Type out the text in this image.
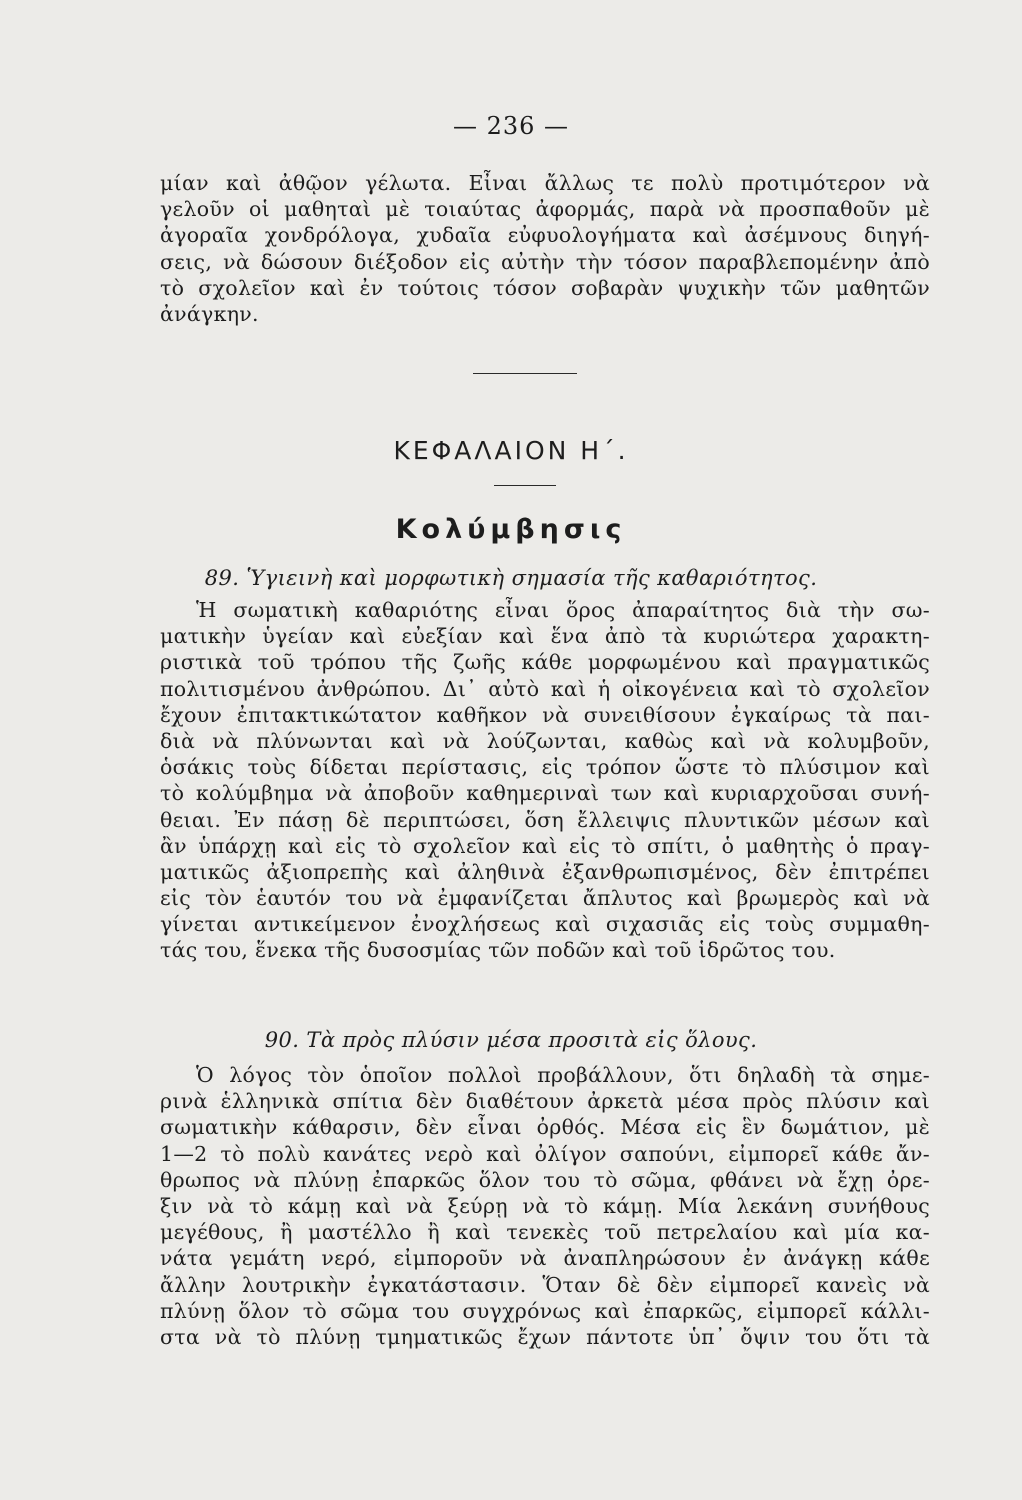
— 236 —
μίαν καὶ ἀθῷον γέλωτα. Εἶναι ἄλλως τε πολὺ προτιμότερον νὰ
γελοῦν οἱ μαθηταὶ μὲ τοιαύτας ἀφορμάς, παρὰ νὰ προσπαθοῦν μὲ
ἀγοραῖα χονδρόλογα, χυδαῖα εὐφυολογήματα καὶ ἀσέμνους διηγή-
σεις, νὰ δώσουν διέξοδον εἰς αὐτὴν τὴν τόσον παραβλεπομένην ἀπὸ
τὸ σχολεῖον καὶ ἐν τούτοις τόσον σοβαρὰν ψυχικὴν τῶν μαθητῶν
ἀνάγκην.
ΚΕΦΑΛΑΙΟΝ Η΄.
Κολύμβησις
89. Ὑγιεινὴ καὶ μορφωτικὴ σημασία τῆς καθαριότητος.
Ἡ σωματικὴ καθαριότης εἶναι ὅρος ἀπαραίτητος διὰ τὴν σω-
ματικὴν ὑγείαν καὶ εὐεξίαν καὶ ἕνα ἀπὸ τὰ κυριώτερα χαρακτη-
ριστικὰ τοῦ τρόπου τῆς ζωῆς κάθε μορφωμένου καὶ πραγματικῶς
πολιτισμένου ἀνθρώπου. Δι᾿ αὐτὸ καὶ ἡ οἰκογένεια καὶ τὸ σχολεῖον
ἔχουν ἐπιτακτικώτατον καθῆκον νὰ συνειθίσουν ἐγκαίρως τὰ παι-
διὰ νὰ πλύνωνται καὶ νὰ λούζωνται, καθὼς καὶ νὰ κολυμβοῦν,
ὁσάκις τοὺς δίδεται περίστασις, εἰς τρόπον ὥστε τὸ πλύσιμον καὶ
τὸ κολύμβημα νὰ ἀποβοῦν καθημεριναὶ των καὶ κυριαρχοῦσαι συνή-
θειαι. Ἐν πάσῃ δὲ περιπτώσει, ὅση ἔλλειψις πλυντικῶν μέσων καὶ
ἂν ὑπάρχῃ καὶ εἰς τὸ σχολεῖον καὶ εἰς τὸ σπίτι, ὁ μαθητὴς ὁ πραγ-
ματικῶς ἀξιοπρεπὴς καὶ ἀληθινὰ ἐξανθρωπισμένος, δὲν ἐπιτρέπει
εἰς τὸν ἑαυτόν του νὰ ἐμφανίζεται ἄπλυτος καὶ βρωμερὸς καὶ νὰ
γίνεται αντικείμενον ἐνοχλήσεως καὶ σιχασιᾶς εἰς τοὺς συμμαθη-
τάς του, ἕνεκα τῆς δυσοσμίας τῶν ποδῶν καὶ τοῦ ἱδρῶτος του.
90. Τὰ πρὸς πλύσιν μέσα προσιτὰ εἰς ὅλους.
Ὁ λόγος τὸν ὁποῖον πολλοὶ προβάλλουν, ὅτι δηλαδὴ τὰ σημε-
ρινὰ ἑλληνικὰ σπίτια δὲν διαθέτουν ἀρκετὰ μέσα πρὸς πλύσιν καὶ
σωματικὴν κάθαρσιν, δὲν εἶναι ὀρθός. Μέσα εἰς ἓν δωμάτιον, μὲ
1—2 τὸ πολὺ κανάτες νερὸ καὶ ὀλίγον σαπούνι, εἰμπορεῖ κάθε ἄν-
θρωπος νὰ πλύνῃ ἐπαρκῶς ὅλον του τὸ σῶμα, φθάνει νὰ ἔχῃ ὀρε-
ξιν νὰ τὸ κάμῃ καὶ νὰ ξεύρῃ νὰ τὸ κάμῃ. Μία λεκάνη συνήθους
μεγέθους, ἢ μαστέλλο ἢ καὶ τενεκὲς τοῦ πετρελαίου καὶ μία κα-
νάτα γεμάτη νερό, εἰμποροῦν νὰ ἀναπληρώσουν ἐν ἀνάγκῃ κάθε
ἄλλην λουτρικὴν ἐγκατάστασιν. Ὅταν δὲ δὲν εἰμπορεῖ κανεὶς νὰ
πλύνῃ ὅλον τὸ σῶμα του συγχρόνως καὶ ἐπαρκῶς, εἰμπορεῖ κάλλι-
στα νὰ τὸ πλύνῃ τμηματικῶς ἔχων πάντοτε ὑπ᾿ ὄψιν του ὅτι τὰ
